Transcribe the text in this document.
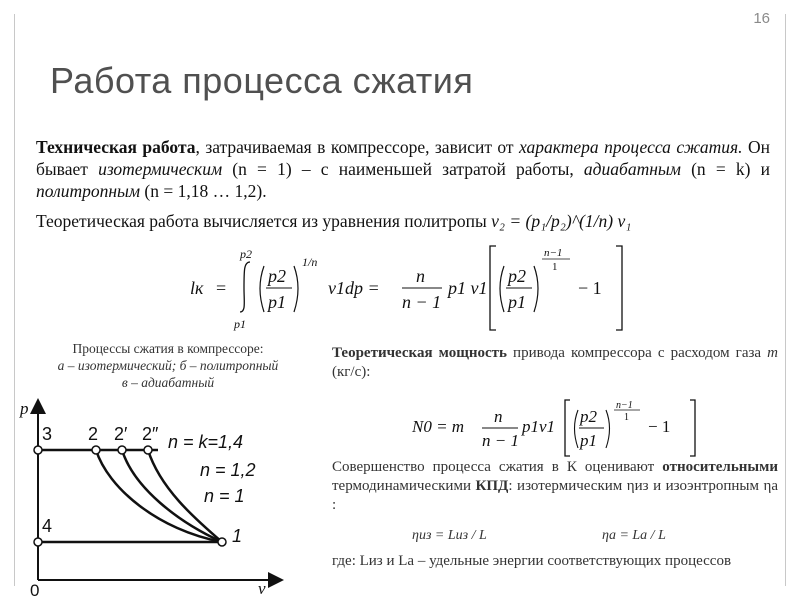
16
Работа процесса сжатия

Техническая работа, затрачиваемая в компрессоре, зависит от характера процесса сжатия. Он бывает изотермическим (n = 1) – с наименьшей затратой работы, адиабатным (n = k) и политропным (n = 1,18 … 1,2).

Теоретическая работа вычисляется из уравнения политропы v₂ = (p₁/p₂)^(1/n) v₁

lк =
p2
p1
p2
p1
1/n
v1dp =
n
n − 1
p1 v1
p2
p1
n−1
1
− 1
Процессы сжатия в компрессоре:
а – изотермический; б – политропный
в – адиабатный
p
v
0
3 2 2′ 2″
4	1
n = k=1,4
n = 1,2
n = 1

Теоретическая мощность привода компрессора с расходом газа m (кг/с):

N0 = m
n
n − 1
p1v1
p2
p1
n−1
1 − 1

Совершенство процесса сжатия в К оценивают относительными термодинамическими КПД: изотермическим ηиз и изоэнтропным ηа :

ηиз = Lиз / L	ηа = Lа / L

где: Lиз и Lа – удельные энергии соответствующих процессов
